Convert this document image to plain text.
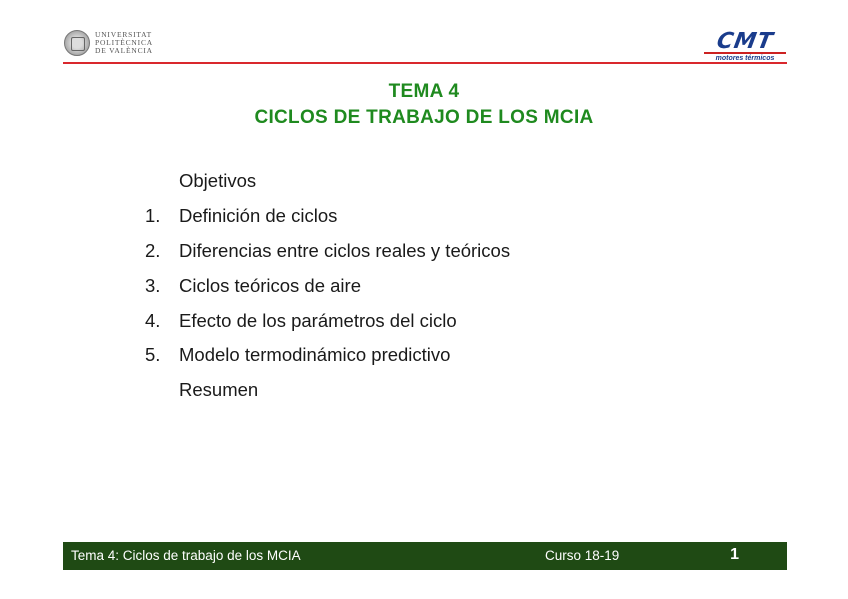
UNIVERSITAT
POLITÈCNICA
DE VALÈNCIA	CMT
motores térmicos
TEMA 4
CICLOS DE TRABAJO DE LOS MCIA
Objetivos
1.	Definición de ciclos
2.	Diferencias entre ciclos reales y teóricos
3.	Ciclos teóricos de aire
4.	Efecto de los parámetros del ciclo
5.	Modelo termodinámico predictivo
Resumen
Tema 4: Ciclos de trabajo de los MCIA	Curso 18-19	1
